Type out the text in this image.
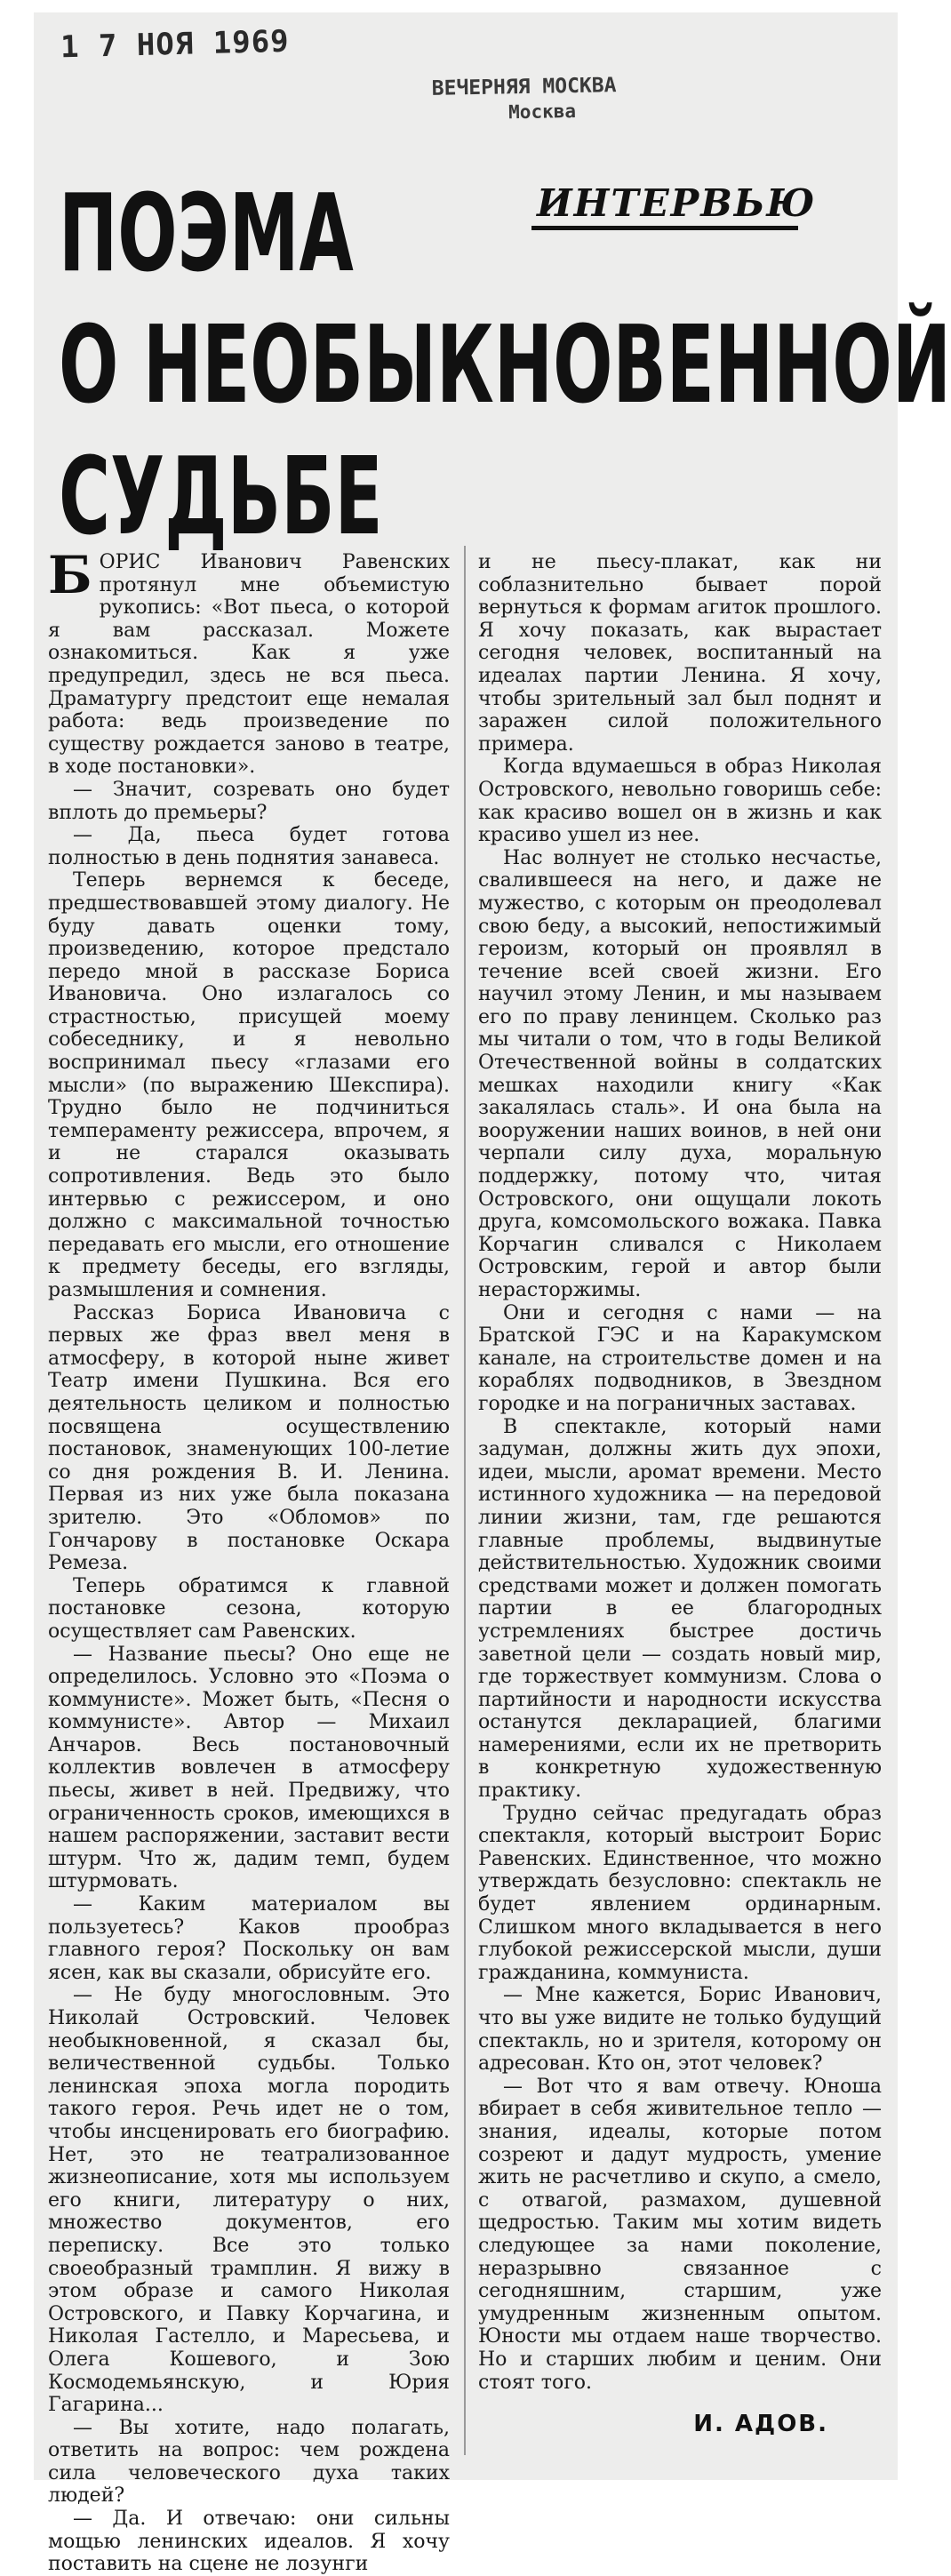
1 7 НОЯ 1969
ВЕЧЕРНЯЯ МОСКВА
Москва
ПОЭМА
О НЕОБЫКНОВЕННОЙ
СУДЬБЕ
ИНТЕРВЬЮ

БОРИС Иванович Равенских протянул мне объемистую рукопись: «Вот пьеса, о которой я вам рассказал. Можете ознакомиться. Как я уже предупредил, здесь не вся пьеса. Драматургу предстоит еще немалая работа: ведь произведение по существу рождается заново в театре, в ходе постановки».

— Значит, созревать оно будет вплоть до премьеры?

— Да, пьеса будет готова полностью в день поднятия занавеса.

Теперь вернемся к беседе, предшествовавшей этому диалогу. Не буду давать оценки тому, произведению, которое предстало передо мной в рассказе Бориса Ивановича. Оно излагалось со страстностью, присущей моему собеседнику, и я невольно воспринимал пьесу «глазами его мысли» (по выражению Шекспира). Трудно было не подчиниться темпераменту режиссера, впрочем, я и не старался оказывать сопротивления. Ведь это было интервью с режиссером, и оно должно с максимальной точностью передавать его мысли, его отношение к предмету беседы, его взгляды, размышления и сомнения.

Рассказ Бориса Ивановича с первых же фраз ввел меня в атмосферу, в которой ныне живет Театр имени Пушкина. Вся его деятельность целиком и полностью посвящена осуществлению постановок, знаменующих 100-летие со дня рождения В. И. Ленина. Первая из них уже была показана зрителю. Это «Обломов» по Гончарову в постановке Оскара Ремеза.

Теперь обратимся к главной постановке сезона, которую осуществляет сам Равенских.

— Название пьесы? Оно еще не определилось. Условно это «Поэма о коммунисте». Может быть, «Песня о коммунисте». Автор — Михаил Анчаров. Весь постановочный коллектив вовлечен в атмосферу пьесы, живет в ней. Предвижу, что ограниченность сроков, имеющихся в нашем распоряжении, заставит вести штурм. Что ж, дадим темп, будем штурмовать.

— Каким материалом вы пользуетесь? Каков прообраз главного героя? Поскольку он вам ясен, как вы сказали, обрисуйте его.

— Не буду многословным. Это Николай Островский. Человек необыкновенной, я сказал бы, величественной судьбы. Только ленинская эпоха могла породить такого героя. Речь идет не о том, чтобы инсценировать его биографию. Нет, это не театрализованное жизнеописание, хотя мы используем его книги, литературу о них, множество документов, его переписку. Все это только своеобразный трамплин. Я вижу в этом образе и самого Николая Островского, и Павку Корчагина, и Николая Гастелло, и Маресьева, и Олега Кошевого, и Зою Космодемьянскую, и Юрия Гагарина...

— Вы хотите, надо полагать, ответить на вопрос: чем рождена сила человеческого духа таких людей?

— Да. И отвечаю: они сильны мощью ленинских идеалов. Я хочу поставить на сцене не лозунги

и не пьесу-плакат, как ни соблазнительно бывает порой вернуться к формам агиток прошлого. Я хочу показать, как вырастает сегодня человек, воспитанный на идеалах партии Ленина. Я хочу, чтобы зрительный зал был поднят и заражен силой положительного примера.

Когда вдумаешься в образ Николая Островского, невольно говоришь себе: как красиво вошел он в жизнь и как красиво ушел из нее.

Нас волнует не столько несчастье, свалившееся на него, и даже не мужество, с которым он преодолевал свою беду, а высокий, непостижимый героизм, который он проявлял в течение всей своей жизни. Его научил этому Ленин, и мы называем его по праву ленинцем. Сколько раз мы читали о том, что в годы Великой Отечественной войны в солдатских мешках находили книгу «Как закалялась сталь». И она была на вооружении наших воинов, в ней они черпали силу духа, моральную поддержку, потому что, читая Островского, они ощущали локоть друга, комсомольского вожака. Павка Корчагин сливался с Николаем Островским, герой и автор были нерасторжимы.

Они и сегодня с нами — на Братской ГЭС и на Каракумском канале, на строительстве домен и на кораблях подводников, в Звездном городке и на пограничных заставах.

В спектакле, который нами задуман, должны жить дух эпохи, идеи, мысли, аромат времени. Место истинного художника — на передовой линии жизни, там, где решаются главные проблемы, выдвинутые действительностью. Художник своими средствами может и должен помогать партии в ее благородных устремлениях быстрее достичь заветной цели — создать новый мир, где торжествует коммунизм. Слова о партийности и народности искусства останутся декларацией, благими намерениями, если их не претворить в конкретную художественную практику.

Трудно сейчас предугадать образ спектакля, который выстроит Борис Равенских. Единственное, что можно утверждать безусловно: спектакль не будет явлением ординарным. Слишком много вкладывается в него глубокой режиссерской мысли, души гражданина, коммуниста.

— Мне кажется, Борис Иванович, что вы уже видите не только будущий спектакль, но и зрителя, которому он адресован. Кто он, этот человек?

— Вот что я вам отвечу. Юноша вбирает в себя живительное тепло — знания, идеалы, которые потом созреют и дадут мудрость, умение жить не расчетливо и скупо, а смело, с отвагой, размахом, душевной щедростью. Таким мы хотим видеть следующее за нами поколение, неразрывно связанное с сегодняшним, старшим, уже умудренным жизненным опытом. Юности мы отдаем наше творчество. Но и старших любим и ценим. Они стоят того.

И. АДОВ.
